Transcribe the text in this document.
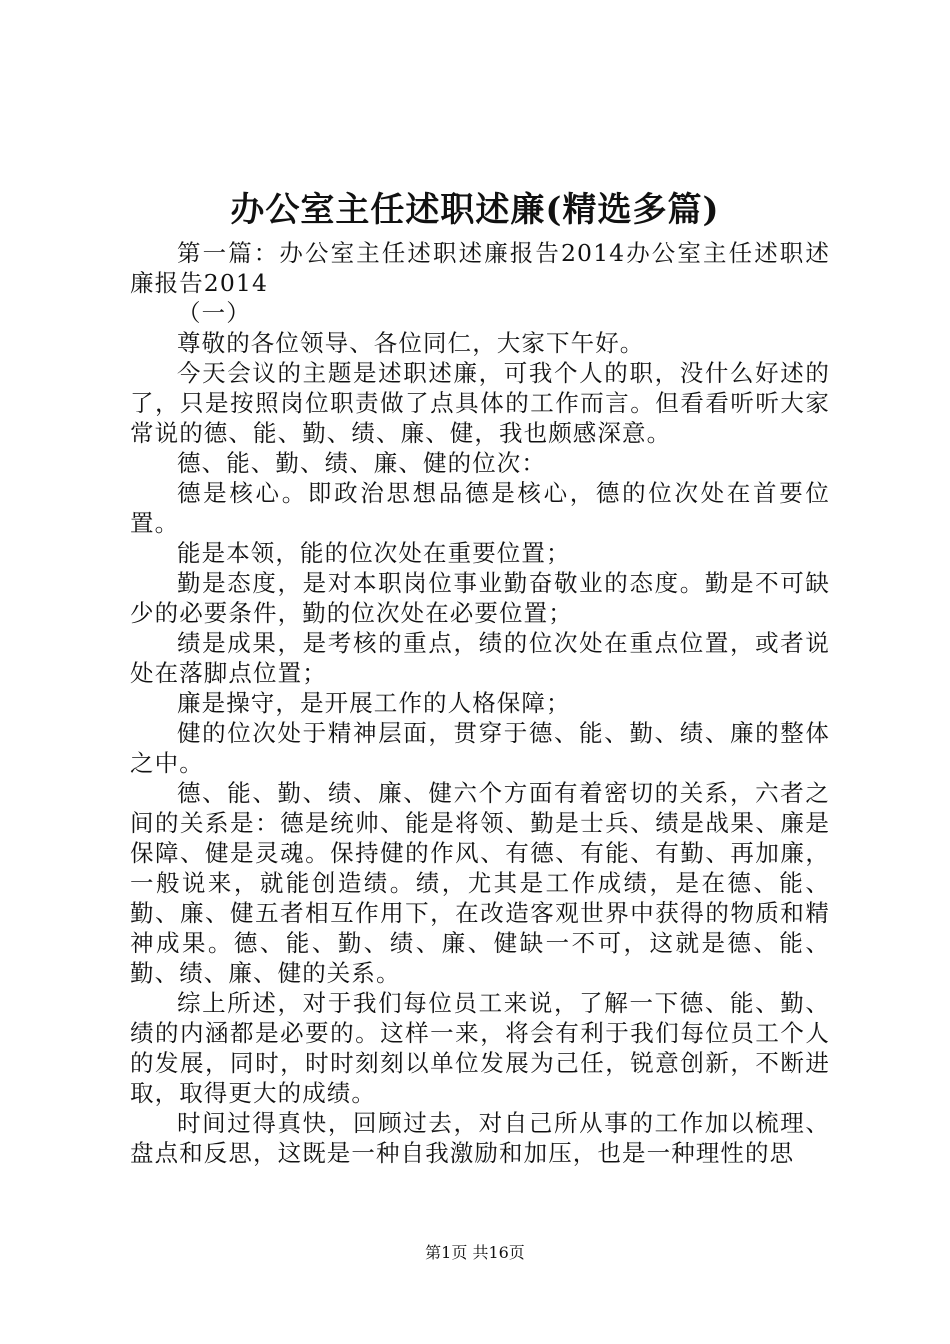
办公室主任述职述廉(精选多篇)

第一篇：办公室主任述职述廉报告2014办公室主任述职述廉报告2014

（一）

尊敬的各位领导、各位同仁，大家下午好。

今天会议的主题是述职述廉，可我个人的职，没什么好述的了，只是按照岗位职责做了点具体的工作而言。但看看听听大家常说的德、能、勤、绩、廉、健，我也颇感深意。

德、能、勤、绩、廉、健的位次：

德是核心。即政治思想品德是核心，德的位次处在首要位置。

能是本领，能的位次处在重要位置；

勤是态度，是对本职岗位事业勤奋敬业的态度。勤是不可缺少的必要条件，勤的位次处在必要位置；

绩是成果，是考核的重点，绩的位次处在重点位置，或者说处在落脚点位置；

廉是操守，是开展工作的人格保障；

健的位次处于精神层面，贯穿于德、能、勤、绩、廉的整体之中。

德、能、勤、绩、廉、健六个方面有着密切的关系，六者之间的关系是：德是统帅、能是将领、勤是士兵、绩是战果、廉是保障、健是灵魂。保持健的作风、有德、有能、有勤、再加廉，一般说来，就能创造绩。绩，尤其是工作成绩，是在德、能、勤、廉、健五者相互作用下，在改造客观世界中获得的物质和精神成果。德、能、勤、绩、廉、健缺一不可，这就是德、能、勤、绩、廉、健的关系。

综上所述，对于我们每位员工来说，了解一下德、能、勤、绩的内涵都是必要的。这样一来，将会有利于我们每位员工个人的发展，同时，时时刻刻以单位发展为己任，锐意创新，不断进取，取得更大的成绩。

时间过得真快，回顾过去，对自己所从事的工作加以梳理、盘点和反思，这既是一种自我激励和加压，也是一种理性的思

第1页 共16页
